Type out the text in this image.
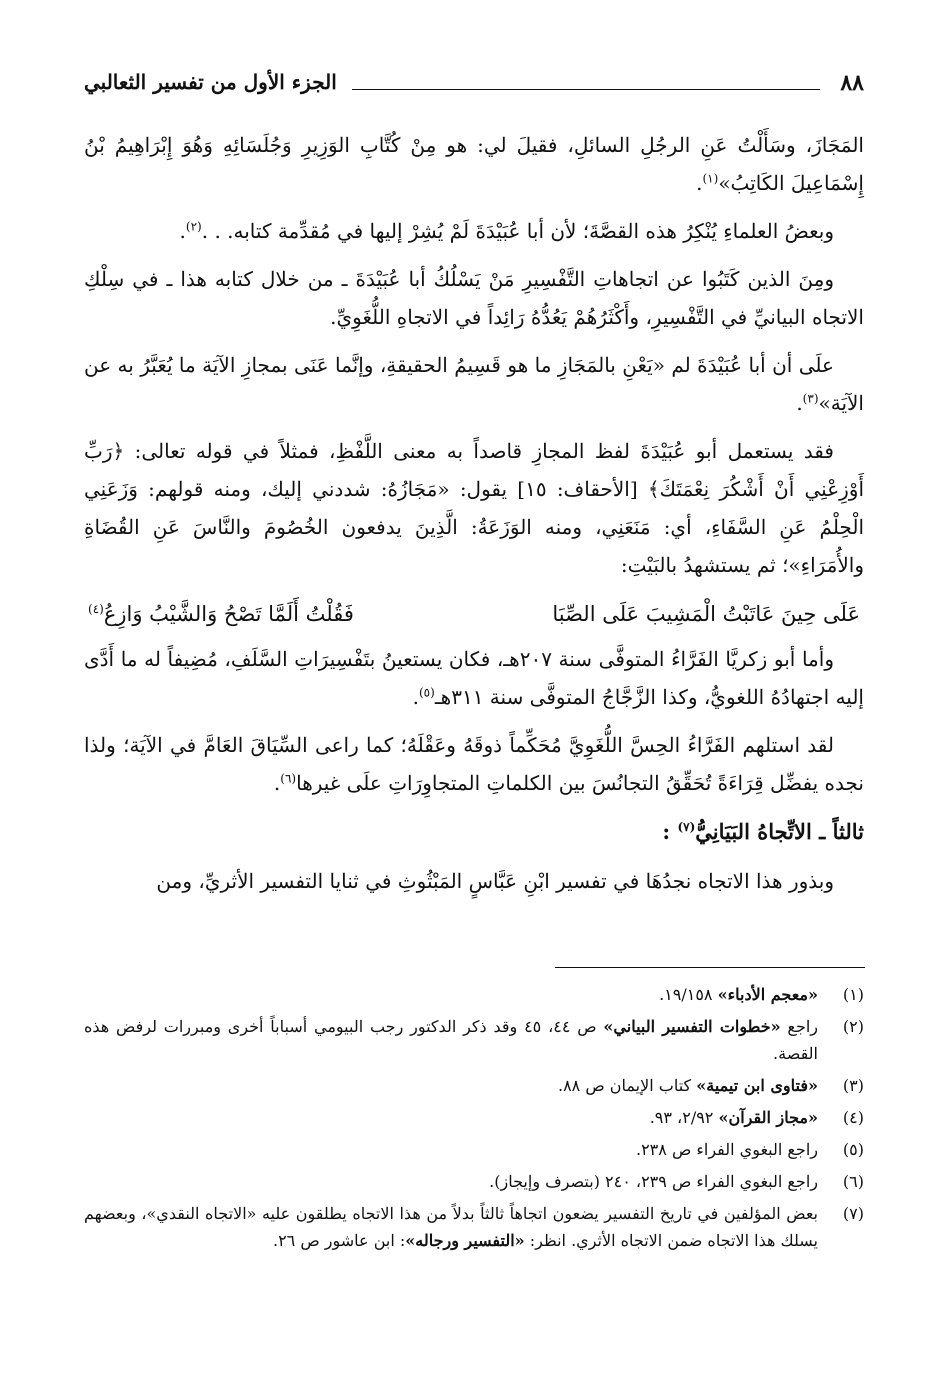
٨٨
الجزء الأول من تفسير الثعالبي

المَجَازَ، وسَأَلْتُ عَنِ الرجُلِ السائلِ، فقيلَ لي: هو مِنْ كُتَّابِ الوَزِيرِ وَجُلَسَائِهِ وَهُوَ إِبْرَاهِيمُ بْنُ إِسْمَاعِيلَ الكَاتِبُ»$^{(١)}$.

وبعضُ العلماءِ يُنْكِرُ هذه القصَّةَ؛ لأن أبا عُبَيْدَةَ لَمْ يُشِرْ إليها في مُقدِّمة كتابه. . .$^{(٢)}$.

ومِنَ الذين كَتَبُوا عن اتجاهاتِ التَّفْسِيرِ مَنْ يَسْلُكُ أبا عُبَيْدَةَ ـ من خلال كتابه هذا ـ في سِلْكِ الاتجاه البيانيِّ في التَّفْسِيرِ، وأَكْثَرُهُمْ يَعُدُّهُ رَائِداً في الاتجاهِ اللُّغَوِيِّ.

علَى أن أبا عُبَيْدَةَ لم «يَعْنِ بالمَجَازِ ما هو قَسِيمُ الحقيقةِ، وإنَّما عَنَى بمجازِ الآيَة ما يُعَبَّرُ به عن الآيَة»$^{(٣)}$.

فقد يستعمل أبو عُبَيْدَةَ لفظ المجازِ قاصداً به معنى اللَّفْظِ، فمثلاً في قوله تعالى: ﴿رَبِّ أَوْزِعْنِي أَنْ أَشْكُرَ نِعْمَتَكَ﴾ [الأحقاف: ١٥] يقول: «مَجَازُهُ: شددني إليك، ومنه قولهم: وَزَعَنِي الْحِلْمُ عَنِ السَّفَاءِ، أي: مَنَعَنِي، ومنه الوَزَعَةُ: الَّذِينَ يدفعون الخُصُومَ والنَّاسَ عَنِ القُضَاةِ والأُمَرَاءِ»؛ ثم يستشهدُ بالبَيْتِ:

عَلَى حِينَ عَاتَبْتُ الْمَشِيبَ عَلَى الصِّبَا
فَقُلْتُ أَلَمَّا تَصْحُ وَالشَّيْبُ وَازِعُ$^{(٤)}$

وأما أبو زكريَّا الفَرَّاءُ المتوفَّى سنة ٢٠٧هـ، فكان يستعينُ بتَفْسِيرَاتِ السَّلَفِ، مُضِيفاً له ما أَدَّى إليه اجتهادُهُ اللغويُّ، وكذا الزَّجَّاجُ المتوفَّى سنة ٣١١هـ$^{(٥)}$.

لقد استلهم الفَرَّاءُ الحِسَّ اللُّغَوِيَّ مُحَكِّماً ذوقَهُ وعَقْلَهُ؛ كما راعى السِّيَاقَ العَامَّ في الآيَة؛ ولذا نجده يفضِّل قِرَاءَةً تُحَقِّقُ التجانُسَ بين الكلماتِ المتجاوِرَاتِ علَى غيرها$^{(٦)}$.

ثالثاً ـ الاتِّجاهُ البَيَانِيُّ$^{(٧)}$ :

وبذور هذا الاتجاه نجدُهَا في تفسير ابْنِ عَبَّاسٍ المَبْثُوثِ في ثنايا التفسير الأثريِّ، ومن

(١)
«معجم الأدباء» ١٩/١٥٨.
(٢)
راجع «خطوات التفسير البياني» ص ٤٤، ٤٥ وقد ذكر الدكتور رجب البيومي أسباباً أخرى ومبررات لرفض هذه القصة.
(٣)
«فتاوى ابن تيمية» كتاب الإيمان ص ٨٨.
(٤)
«مجاز القرآن» ٢/٩٢، ٩٣.
(٥)
راجع البغوي الفراء ص ٢٣٨.
(٦)
راجع البغوي الفراء ص ٢٣٩، ٢٤٠ (بتصرف وإيجاز).
(٧)
بعض المؤلفين في تاريخ التفسير يضعون اتجاهاً ثالثاً بدلاً من هذا الاتجاه يطلقون عليه «الاتجاه النقدي»، وبعضهم يسلك هذا الاتجاه ضمن الاتجاه الأثري. انظر: «التفسير ورجاله»: ابن عاشور ص ٢٦.
